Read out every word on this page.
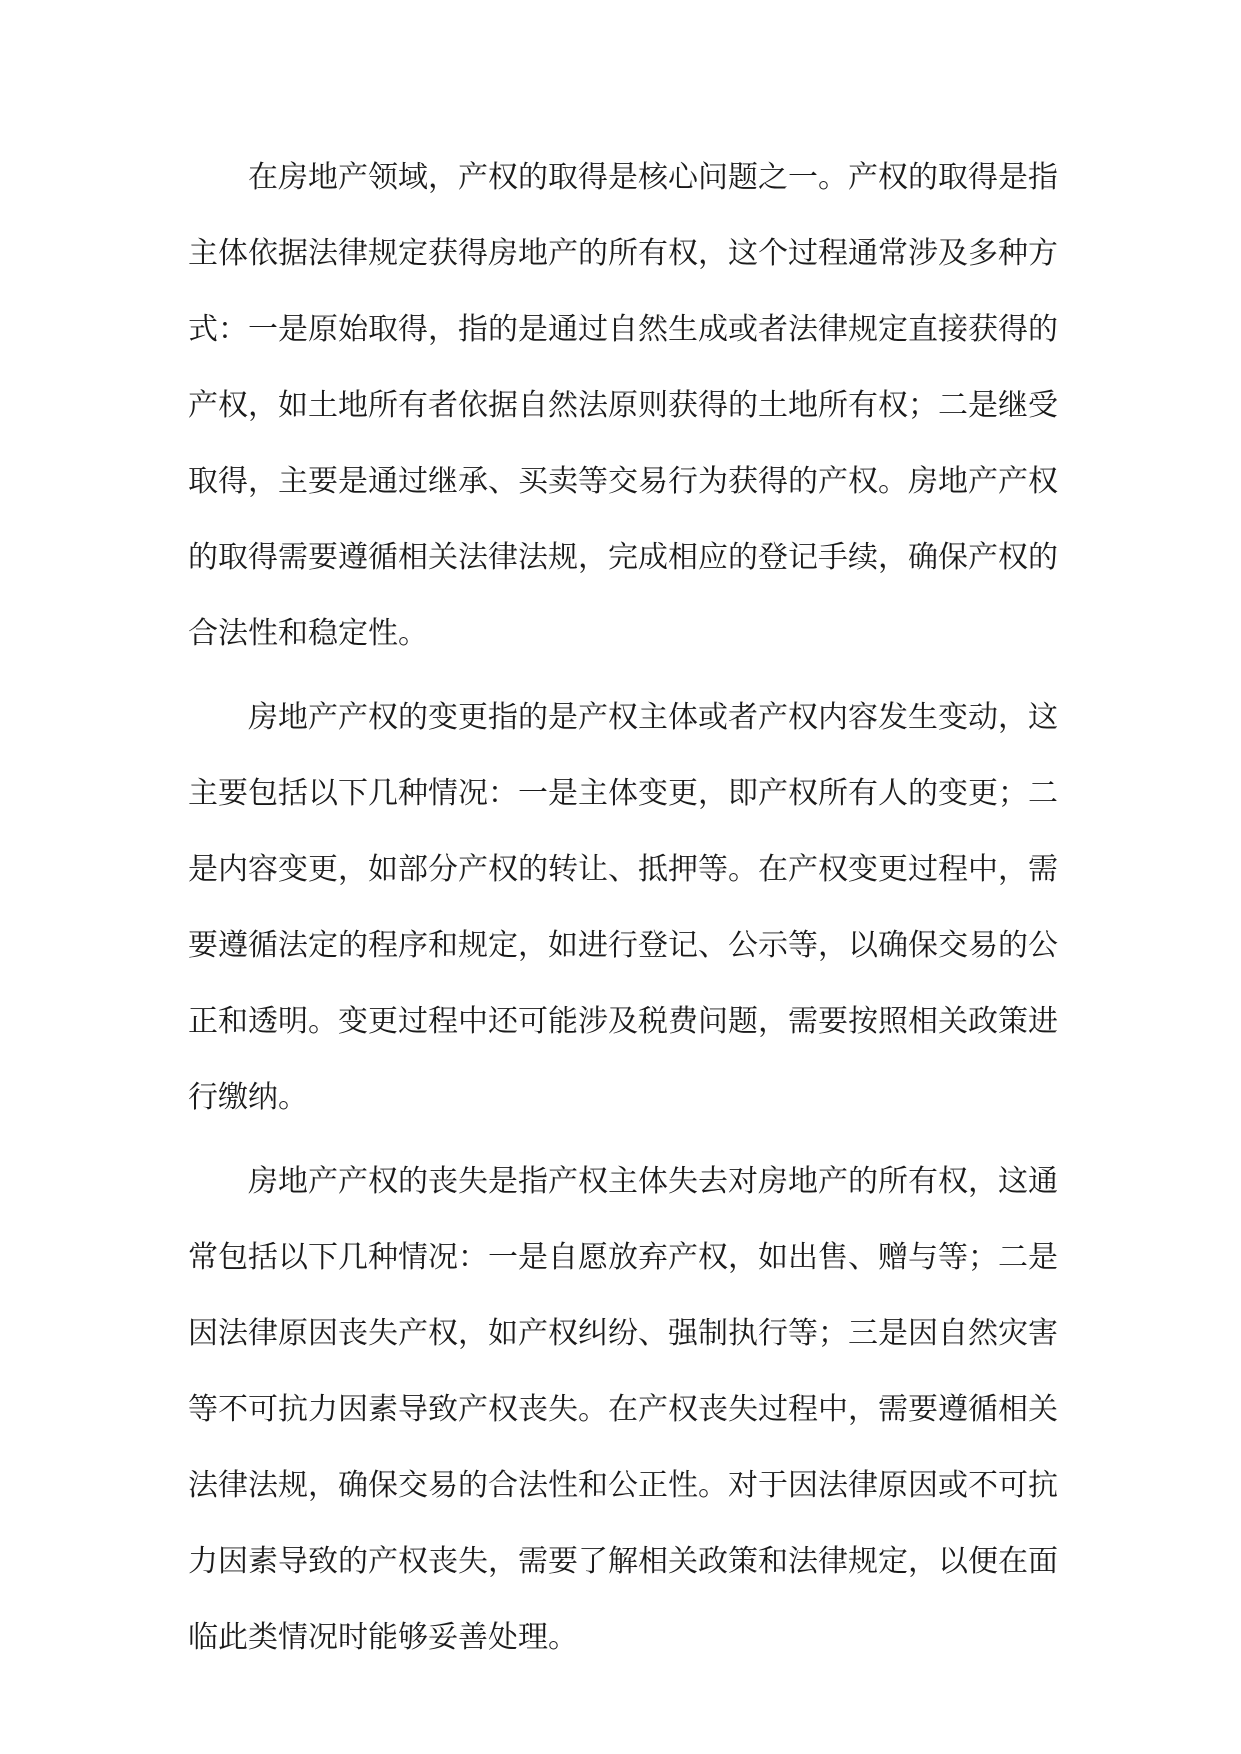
在房地产领域，产权的取得是核心问题之一。产权的取得是指主体依据法律规定获得房地产的所有权，这个过程通常涉及多种方式：一是原始取得，指的是通过自然生成或者法律规定直接获得的产权，如土地所有者依据自然法原则获得的土地所有权；二是继受取得，主要是通过继承、买卖等交易行为获得的产权。房地产产权的取得需要遵循相关法律法规，完成相应的登记手续，确保产权的合法性和稳定性。

房地产产权的变更指的是产权主体或者产权内容发生变动，这主要包括以下几种情况：一是主体变更，即产权所有人的变更；二是内容变更，如部分产权的转让、抵押等。在产权变更过程中，需要遵循法定的程序和规定，如进行登记、公示等，以确保交易的公正和透明。变更过程中还可能涉及税费问题，需要按照相关政策进行缴纳。

房地产产权的丧失是指产权主体失去对房地产的所有权，这通常包括以下几种情况：一是自愿放弃产权，如出售、赠与等；二是因法律原因丧失产权，如产权纠纷、强制执行等；三是因自然灾害等不可抗力因素导致产权丧失。在产权丧失过程中，需要遵循相关法律法规，确保交易的合法性和公正性。对于因法律原因或不可抗力因素导致的产权丧失，需要了解相关政策和法律规定，以便在面临此类情况时能够妥善处理。
